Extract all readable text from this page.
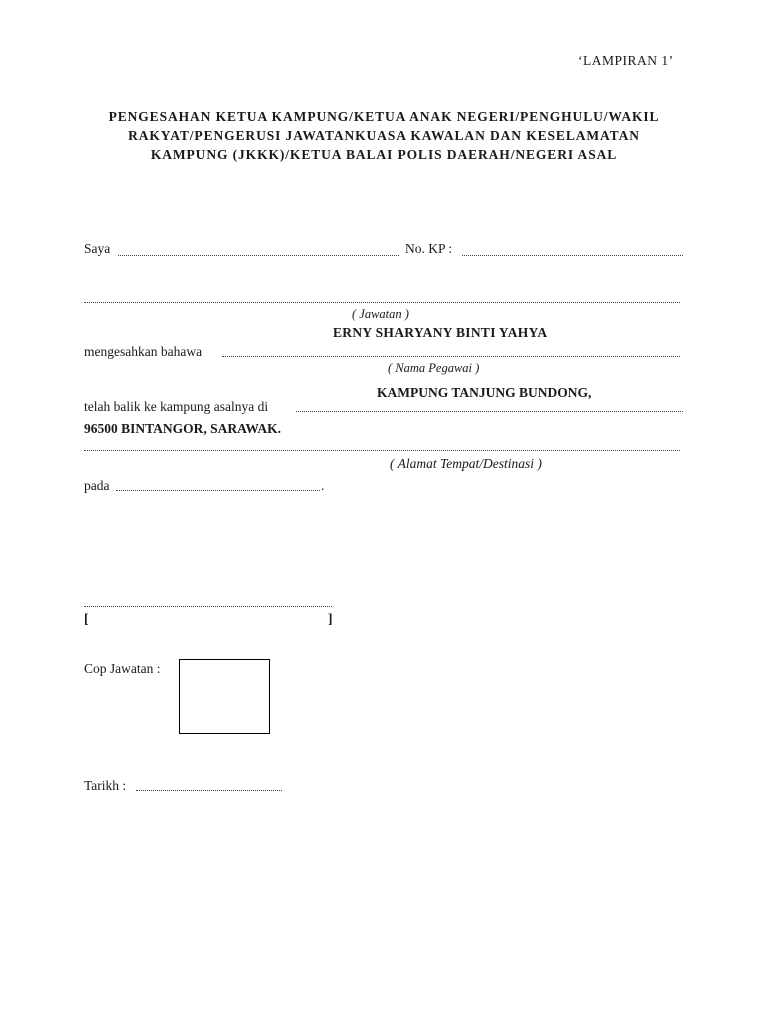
‘LAMPIRAN 1’
PENGESAHAN KETUA KAMPUNG/KETUA ANAK NEGERI/PENGHULU/WAKIL
RAKYAT/PENGERUSI JAWATANKUASA KAWALAN DAN KESELAMATAN
KAMPUNG (JKKK)/KETUA BALAI POLIS DAERAH/NEGERI ASAL
Saya	No. KP :
( Jawatan )
ERNY SHARYANY BINTI YAHYA
mengesahkan bahawa
( Nama Pegawai )
KAMPUNG TANJUNG BUNDONG,
telah balik ke kampung asalnya di
96500 BINTANGOR, SARAWAK.
( Alamat Tempat/Destinasi )
pada	.
[	]
Cop Jawatan :
Tarikh :
